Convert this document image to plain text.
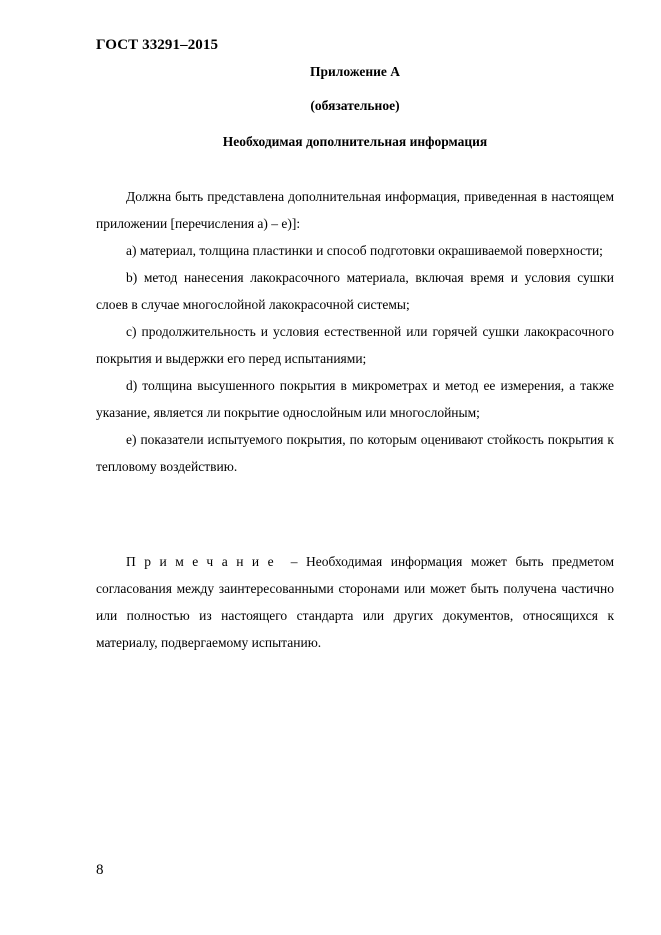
ГОСТ 33291–2015
Приложение А
(обязательное)
Необходимая дополнительная информация

Должна быть представлена дополнительная информация, приведенная в настоящем приложении [перечисления а) – е)]:

а) материал, толщина пластинки и способ подготовки окрашиваемой поверхности;

b) метод нанесения лакокрасочного материала, включая время и условия сушки слоев в случае многослойной лакокрасочной системы;

с) продолжительность и условия естественной или горячей сушки лакокрасочного покрытия и выдержки его перед испытаниями;

d) толщина высушенного покрытия в микрометрах и метод ее измерения, а также указание, является ли покрытие однослойным или многослойным;

е) показатели испытуемого покрытия, по которым оценивают стойкость покрытия к тепловому воздействию.

Примечание – Необходимая информация может быть предметом согласования между заинтересованными сторонами или может быть получена частично или полностью из настоящего стандарта или других документов, относящихся к материалу, подвергаемому испытанию.

8
